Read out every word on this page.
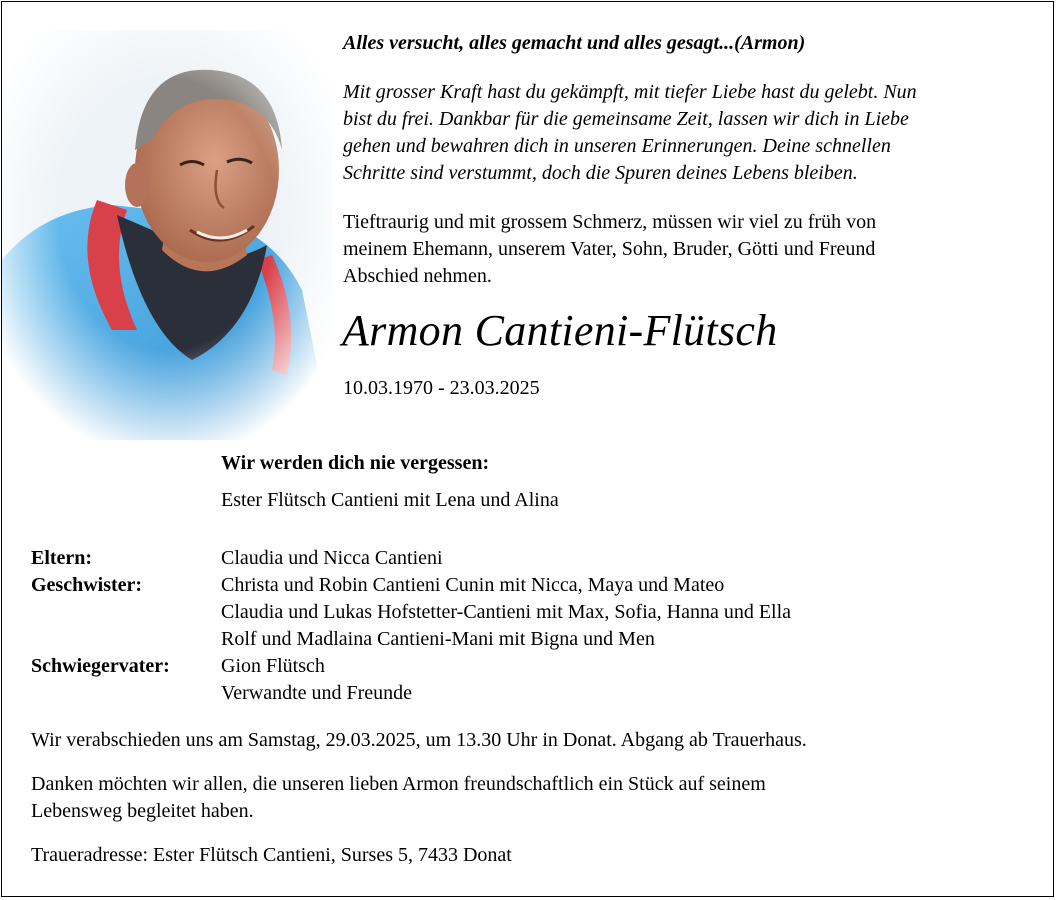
Alles versucht, alles gemacht und alles gesagt...(Armon)

Mit grosser Kraft hast du gekämpft, mit tiefer Liebe hast du gelebt. Nun
bist du frei. Dankbar für die gemeinsame Zeit, lassen wir dich in Liebe
gehen und bewahren dich in unseren Erinnerungen. Deine schnellen
Schritte sind verstummt, doch die Spuren deines Lebens bleiben.
Tieftraurig und mit grossem Schmerz, müssen wir viel zu früh von
meinem Ehemann, unserem Vater, Sohn, Bruder, Götti und Freund
Abschied nehmen.

Armon Cantieni-Flütsch

10.03.1970 - 23.03.2025

Wir werden dich nie vergessen:

Ester Flütsch Cantieni mit Lena und Alina

Eltern:	Claudia und Nicca Cantieni
Geschwister:	Christa und Robin Cantieni Cunin mit Nicca, Maya und Mateo
Claudia und Lukas Hofstetter-Cantieni mit Max, Sofia, Hanna und Ella
Rolf und Madlaina Cantieni-Mani mit Bigna und Men
Schwiegervater:	Gion Flütsch
Verwandte und Freunde

Wir verabschieden uns am Samstag, 29.03.2025, um 13.30 Uhr in Donat. Abgang ab Trauerhaus.

Danken möchten wir allen, die unseren lieben Armon freundschaftlich ein Stück auf seinem
Lebensweg begleitet haben.

Traueradresse: Ester Flütsch Cantieni, Surses 5, 7433 Donat
